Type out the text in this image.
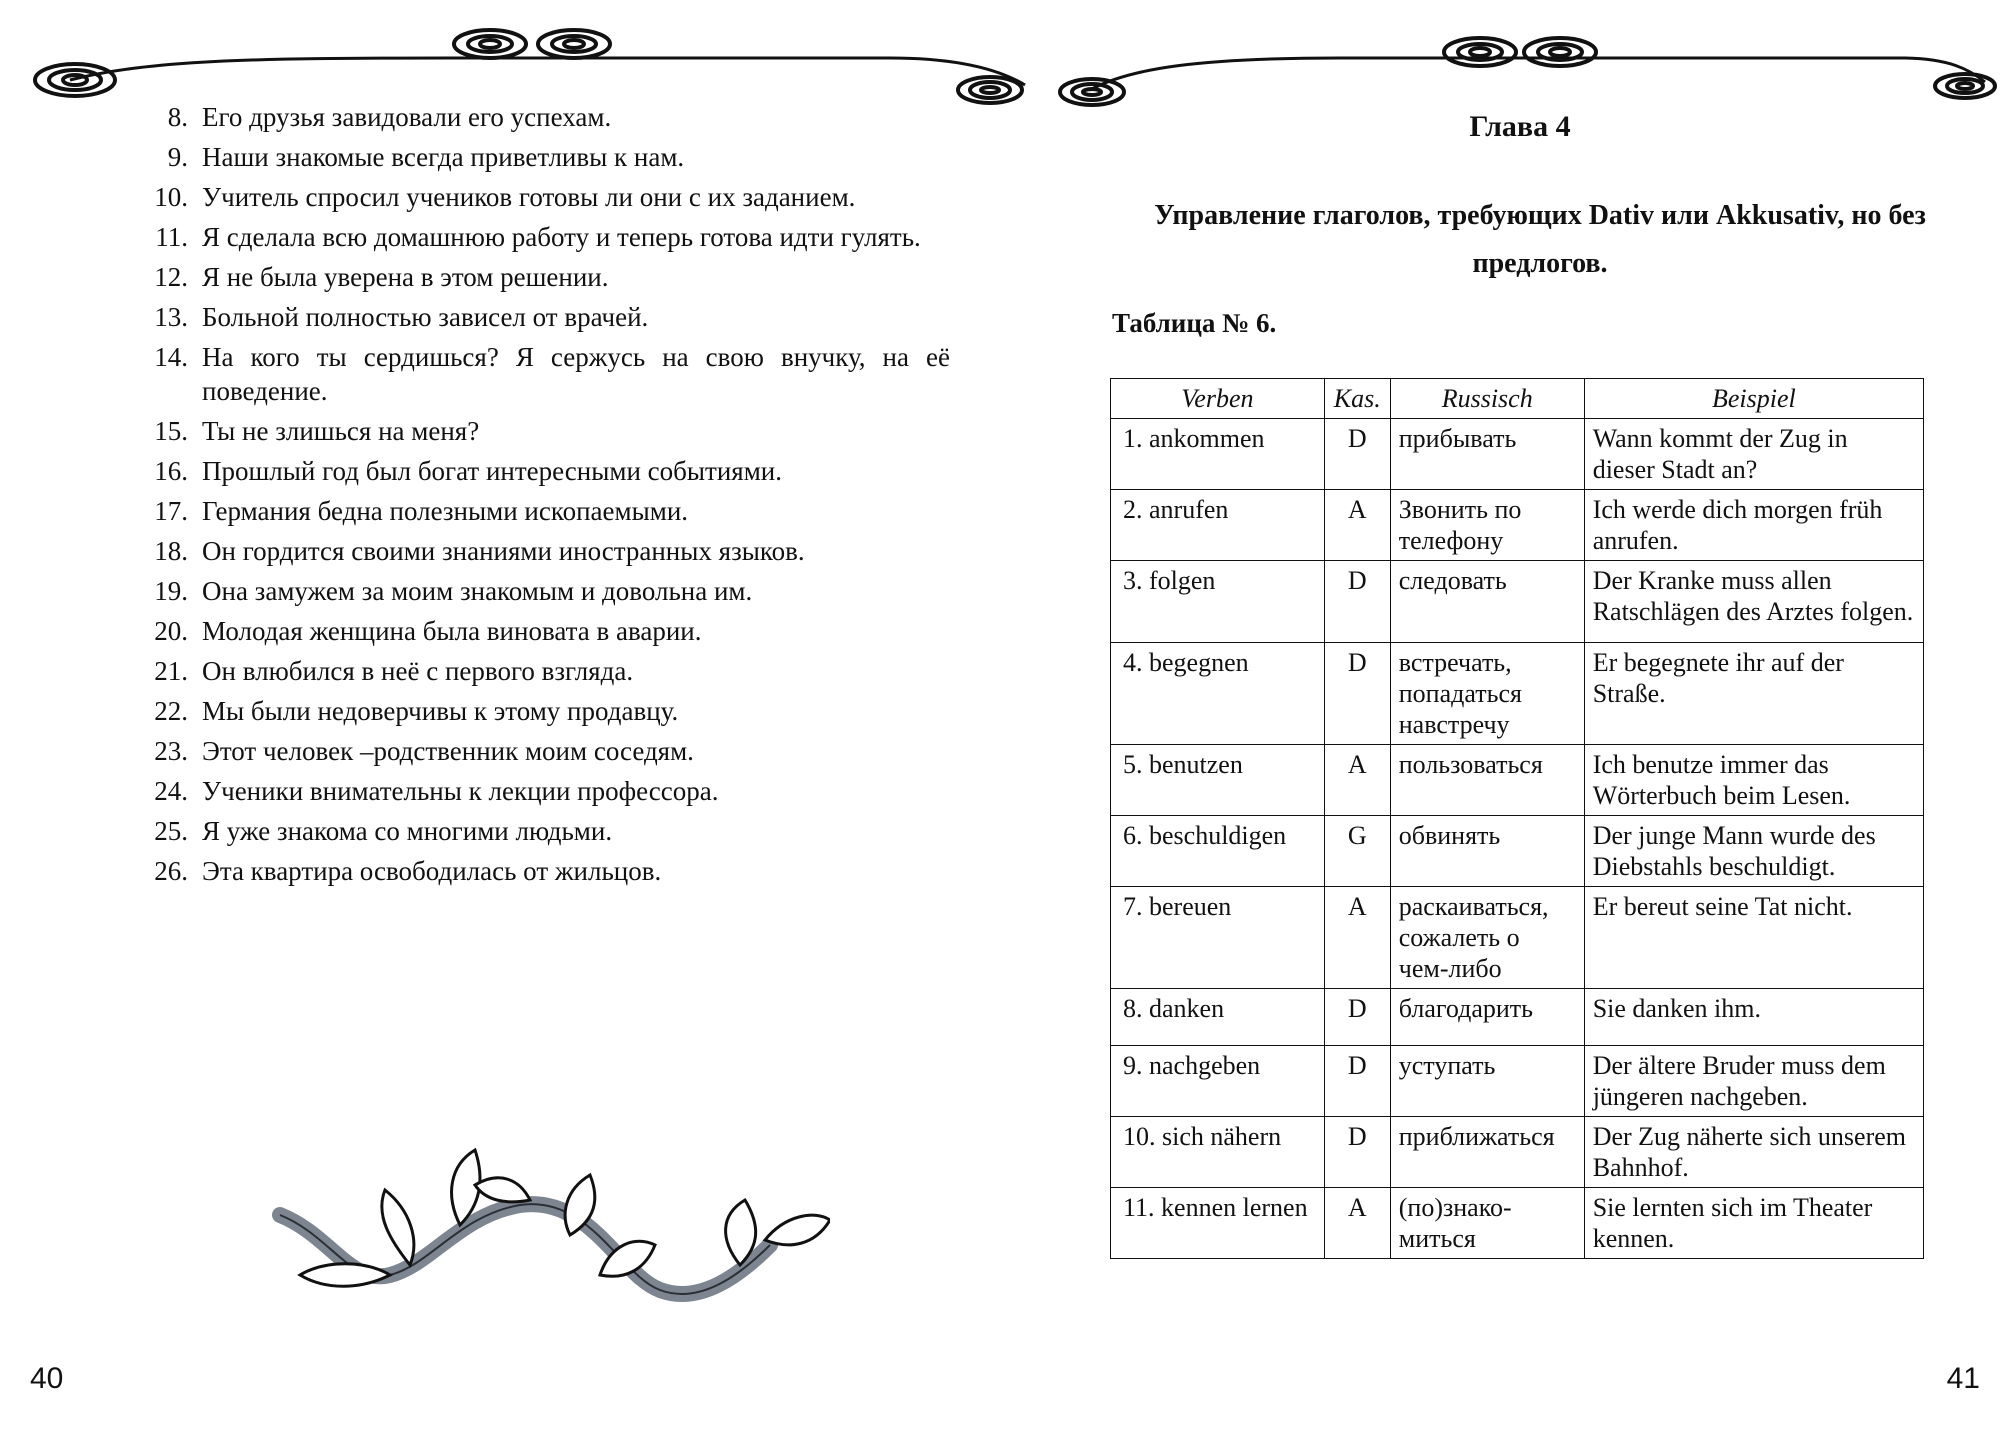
8. Его друзья завидовали его успехам.
9. Наши знакомые всегда приветливы к нам.
10. Учитель спросил учеников готовы ли они с их заданием.
11. Я сделала всю домашнюю работу и теперь готова идти гулять.
12. Я не была уверена в этом решении.
13. Больной полностью зависел от врачей.
14. На кого ты сердишься? Я сержусь на свою внучку, на её поведение.
15. Ты не злишься на меня?
16. Прошлый год был богат интересными событиями.
17. Германия бедна полезными ископаемыми.
18. Он гордится своими знаниями иностранных языков.
19. Она замужем за моим знакомым и довольна им.
20. Молодая женщина была виновата в аварии.
21. Он влюбился в неё с первого взгляда.
22. Мы были недоверчивы к этому продавцу.
23. Этот человек –родственник моим соседям.
24. Ученики внимательны к лекции профессора.
25. Я уже знакома со многими людьми.
26. Эта квартира освободилась от жильцов.
40
Глава 4
Управление глаголов, требующих Dativ или Akkusativ, но без предлогов.
Таблица № 6.
Verben	Kas.	Russisch	Beispiel
1. ankommen	D	прибывать	Wann kommt der Zug in dieser Stadt an?
2. anrufen	A	Звонить по телефону	Ich werde dich morgen früh anrufen.
3. folgen	D	следовать	Der Kranke muss allen Ratschlägen des Arztes folgen.
4. begegnen	D	встречать, попадаться навстречу	Er begegnete ihr auf der Straße.
5. benutzen	A	пользоваться	Ich benutze immer das Wörterbuch beim Lesen.
6. beschuldigen	G	обвинять	Der junge Mann wurde des Diebstahls beschuldigt.
7. bereuen	A	раскаиваться, сожалеть о чем-либо	Er bereut seine Tat nicht.
8. danken	D	благодарить	Sie danken ihm.
9. nachgeben	D	уступать	Der ältere Bruder muss dem jüngeren nachgeben.
10. sich nähern	D	приближаться	Der Zug näherte sich unserem Bahnhof.
11. kennen lernen	A	(по)знако-миться	Sie lernten sich im Theater kennen.
41
